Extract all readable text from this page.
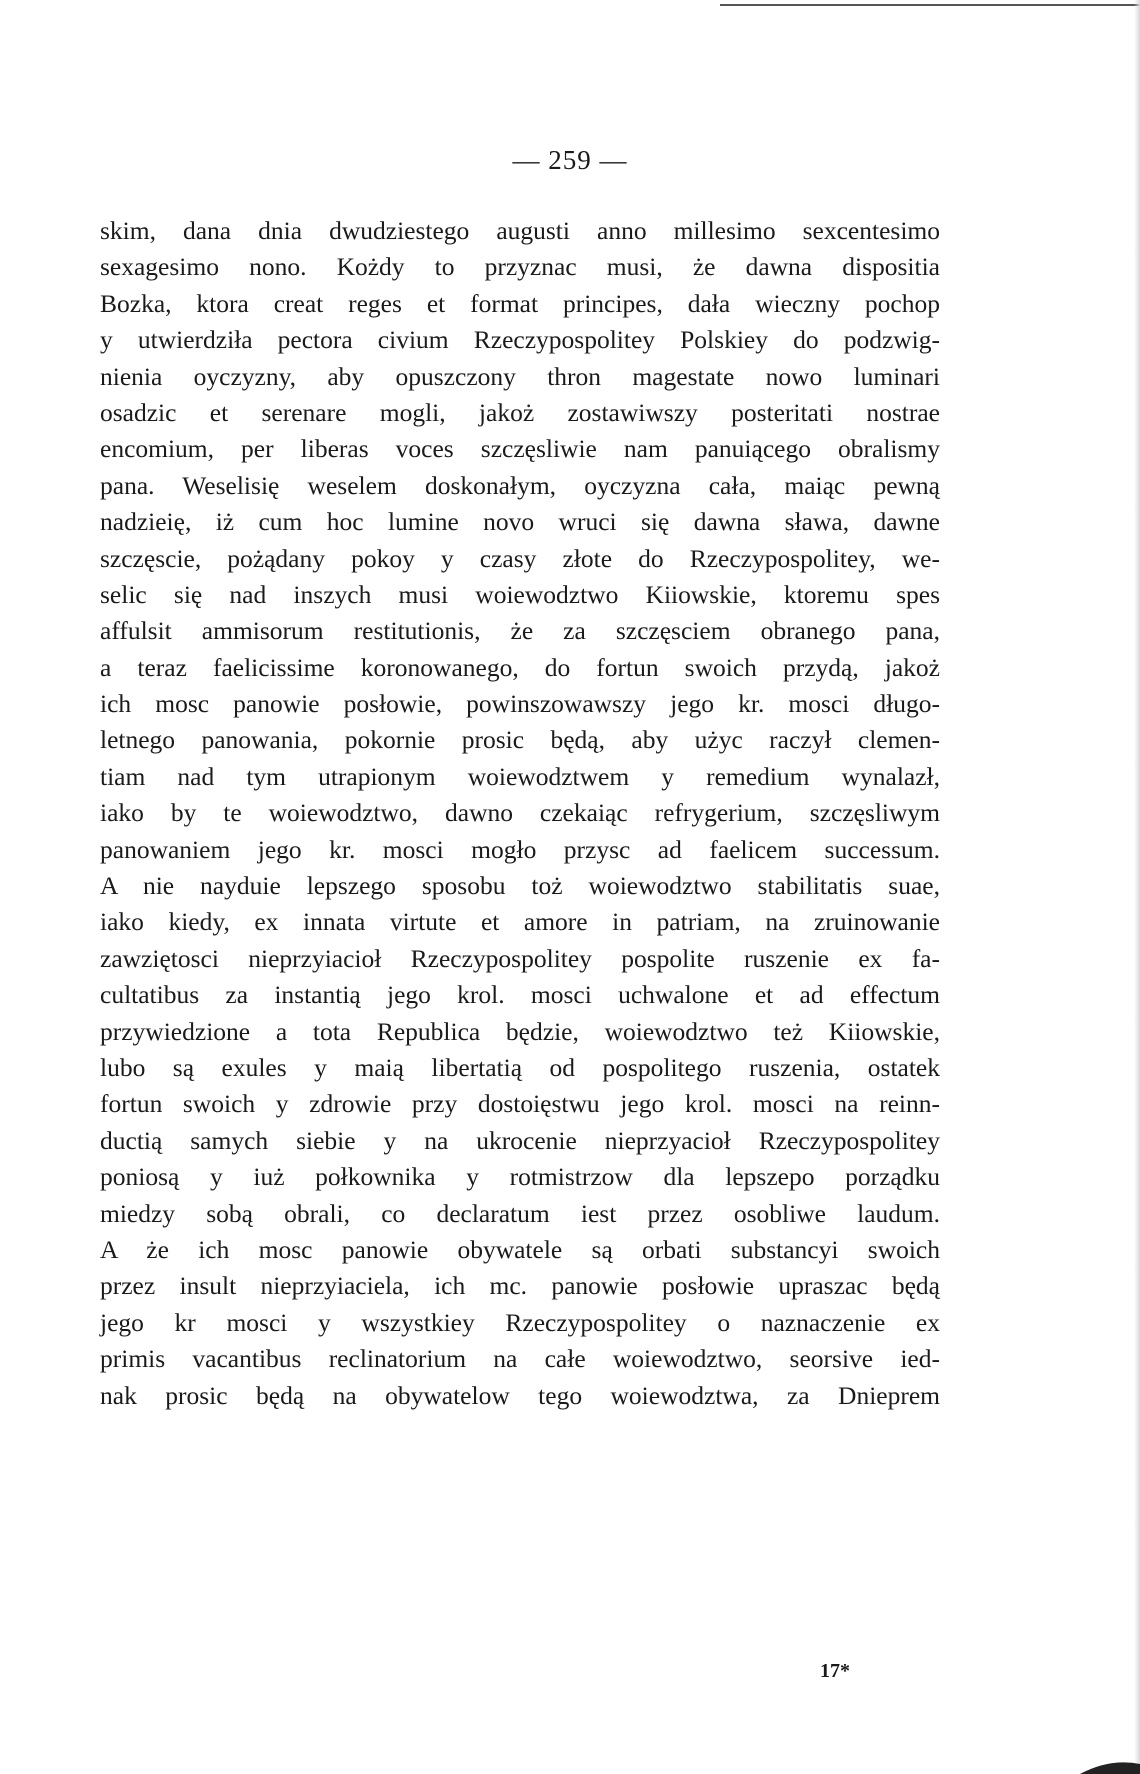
— 259 —
skim, dana dnia dwudziestego augusti anno millesimo sexcentesimo
sexagesimo nono. Kożdy to przyznac musi, że dawna dispositia
Bozka, ktora creat reges et format principes, dała wieczny pochop
y utwierdziła pectora civium Rzeczypospolitey Polskiey do podzwig-
nienia oyczyzny, aby opuszczony thron magestate nowo luminari
osadzic et serenare mogli, jakoż zostawiwszy posteritati nostrae
encomium, per liberas voces szczęsliwie nam panuiącego obralismy
pana. Weselisię weselem doskonałym, oyczyzna cała, maiąc pewną
nadzieię, iż cum hoc lumine novo wruci się dawna sława, dawne
szczęscie, pożądany pokoy y czasy złote do Rzeczypospolitey, we-
selic się nad inszych musi woiewodztwo Kiiowskie, ktoremu spes
affulsit ammisorum restitutionis, że za szczęsciem obranego pana,
a teraz faelicissime koronowanego, do fortun swoich przydą, jakoż
ich mosc panowie posłowie, powinszowawszy jego kr. mosci długo-
letnego panowania, pokornie prosic będą, aby użyc raczył clemen-
tiam nad tym utrapionym woiewodztwem y remedium wynalazł,
iako by te woiewodztwo, dawno czekaiąc refrygerium, szczęsliwym
panowaniem jego kr. mosci mogło przysc ad faelicem successum.
A nie nayduie lepszego sposobu toż woiewodztwo stabilitatis suae,
iako kiedy, ex innata virtute et amore in patriam, na zruinowanie
zawziętosci nieprzyiacioł Rzeczypospolitey pospolite ruszenie ex fa-
cultatibus za instantią jego krol. mosci uchwalone et ad effectum
przywiedzione a tota Republica będzie, woiewodztwo też Kiiowskie,
lubo są exules y maią libertatią od pospolitego ruszenia, ostatek
fortun swoich y zdrowie przy dostoięstwu jego krol. mosci na reinn-
ductią samych siebie y na ukrocenie nieprzyacioł Rzeczypospolitey
poniosą y iuż połkownika y rotmistrzow dla lepszepo porządku
miedzy sobą obrali, co declaratum iest przez osobliwe laudum.
A że ich mosc panowie obywatele są orbati substancyi swoich
przez insult nieprzyiaciela, ich mc. panowie posłowie upraszac będą
jego kr mosci y wszystkiey Rzeczypospolitey o naznaczenie ex
primis vacantibus reclinatorium na całe woiewodztwo, seorsive ied-
nak prosic będą na obywatelow tego woiewodztwa, za Dnieprem
17*
